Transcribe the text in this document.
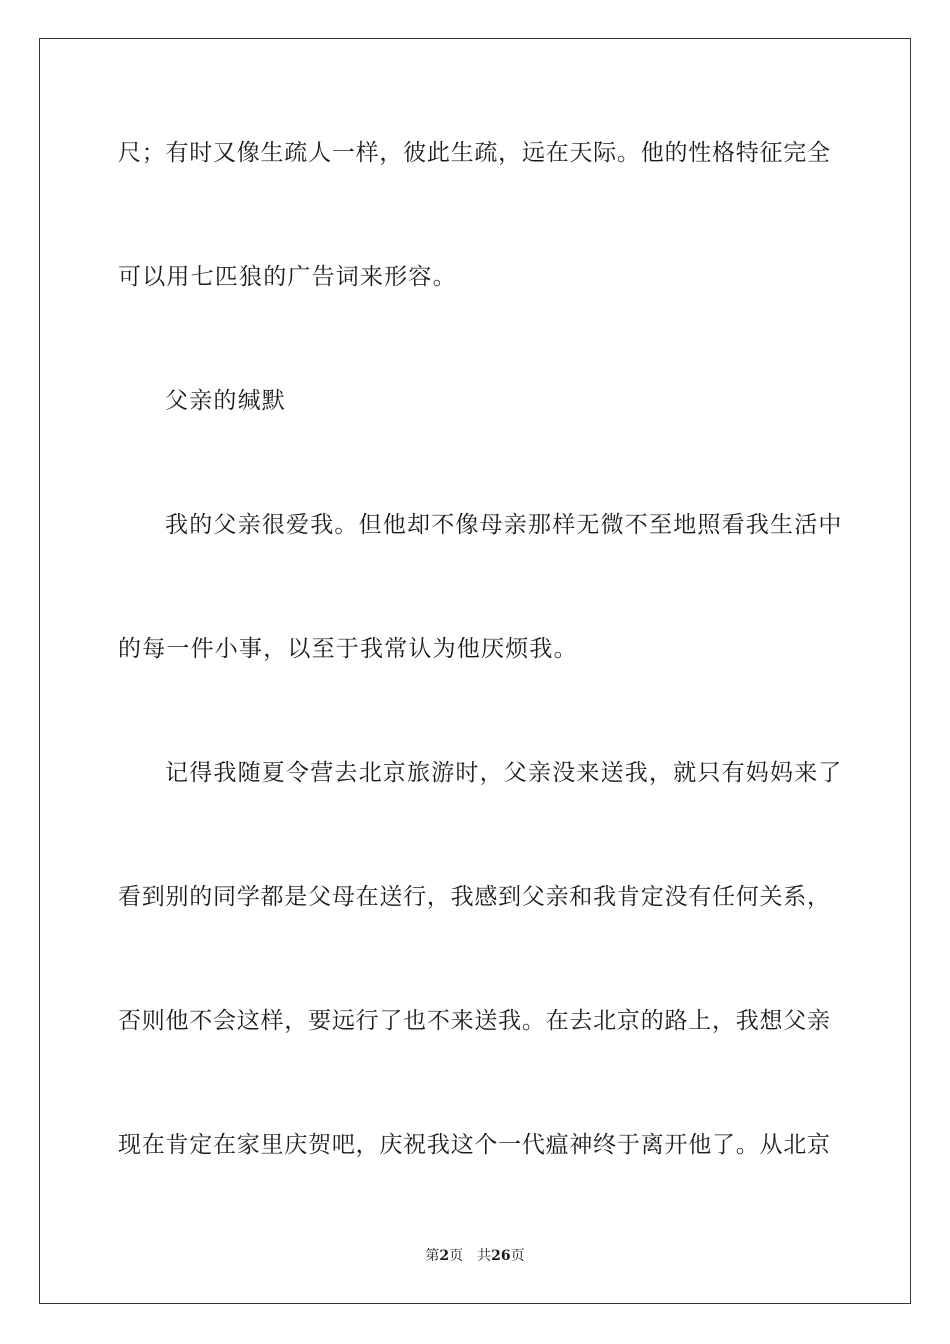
尺；有时又像生疏人一样，彼此生疏，远在天际。他的性格特征完全
可以用七匹狼的广告词来形容。
父亲的缄默
我的父亲很爱我。但他却不像母亲那样无微不至地照看我生活中
的每一件小事，以至于我常认为他厌烦我。
记得我随夏令营去北京旅游时，父亲没来送我，就只有妈妈来了
看到别的同学都是父母在送行，我感到父亲和我肯定没有任何关系，
否则他不会这样，要远行了也不来送我。在去北京的路上，我想父亲
现在肯定在家里庆贺吧，庆祝我这个一代瘟神终于离开他了。从北京
第2页 共26页
